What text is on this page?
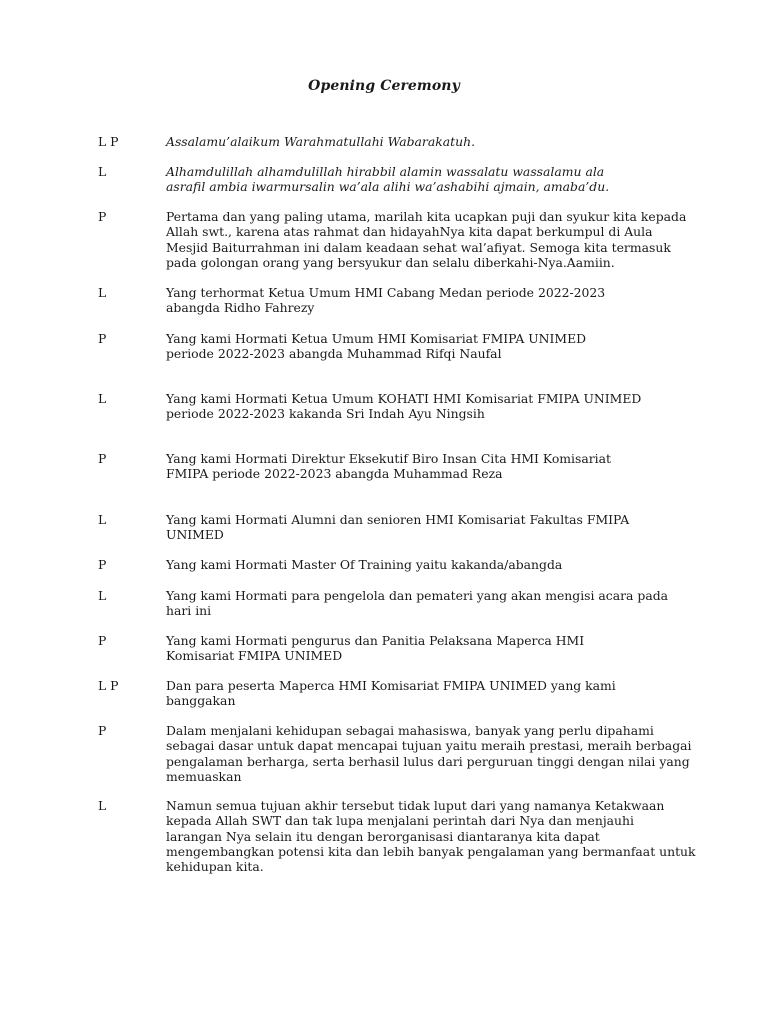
Opening Ceremony
L P	Assalamu’alaikum Warahmatullahi Wabarakatuh.
L	Alhamdulillah alhamdulillah hirabbil alamin wassalatu wassalamu ala
asrafil ambia iwarmursalin wa’ala alihi wa’ashabihi ajmain, amaba’du.
P	Pertama dan yang paling utama, marilah kita ucapkan puji dan syukur kita kepada
Allah swt., karena atas rahmat dan hidayahNya kita dapat berkumpul di Aula
Mesjid Baiturrahman ini dalam keadaan sehat wal’afiyat. Semoga kita termasuk
pada golongan orang yang bersyukur dan selalu diberkahi-Nya.Aamiin.
L	Yang terhormat Ketua Umum HMI Cabang Medan periode 2022-2023
abangda Ridho Fahrezy
P	Yang kami Hormati Ketua Umum HMI Komisariat FMIPA UNIMED
periode 2022-2023 abangda Muhammad Rifqi Naufal
L	Yang kami Hormati Ketua Umum KOHATI HMI Komisariat FMIPA UNIMED
periode 2022-2023 kakanda Sri Indah Ayu Ningsih
P	Yang kami Hormati Direktur Eksekutif Biro Insan Cita HMI Komisariat
FMIPA periode 2022-2023 abangda Muhammad Reza
L	Yang kami Hormati Alumni dan senioren HMI Komisariat Fakultas FMIPA
UNIMED
P	Yang kami Hormati Master Of Training yaitu kakanda/abangda
L	Yang kami Hormati para pengelola dan pemateri yang akan mengisi acara pada
hari ini
P	Yang kami Hormati pengurus dan Panitia Pelaksana Maperca HMI
Komisariat FMIPA UNIMED
L P	Dan para peserta Maperca HMI Komisariat FMIPA UNIMED yang kami
banggakan
P	Dalam menjalani kehidupan sebagai mahasiswa, banyak yang perlu dipahami
sebagai dasar untuk dapat mencapai tujuan yaitu meraih prestasi, meraih berbagai
pengalaman berharga, serta berhasil lulus dari perguruan tinggi dengan nilai yang
memuaskan
L	Namun semua tujuan akhir tersebut tidak luput dari yang namanya Ketakwaan
kepada Allah SWT dan tak lupa menjalani perintah dari Nya dan menjauhi
larangan Nya selain itu dengan berorganisasi diantaranya kita dapat
mengembangkan potensi kita dan lebih banyak pengalaman yang bermanfaat untuk
kehidupan kita.
